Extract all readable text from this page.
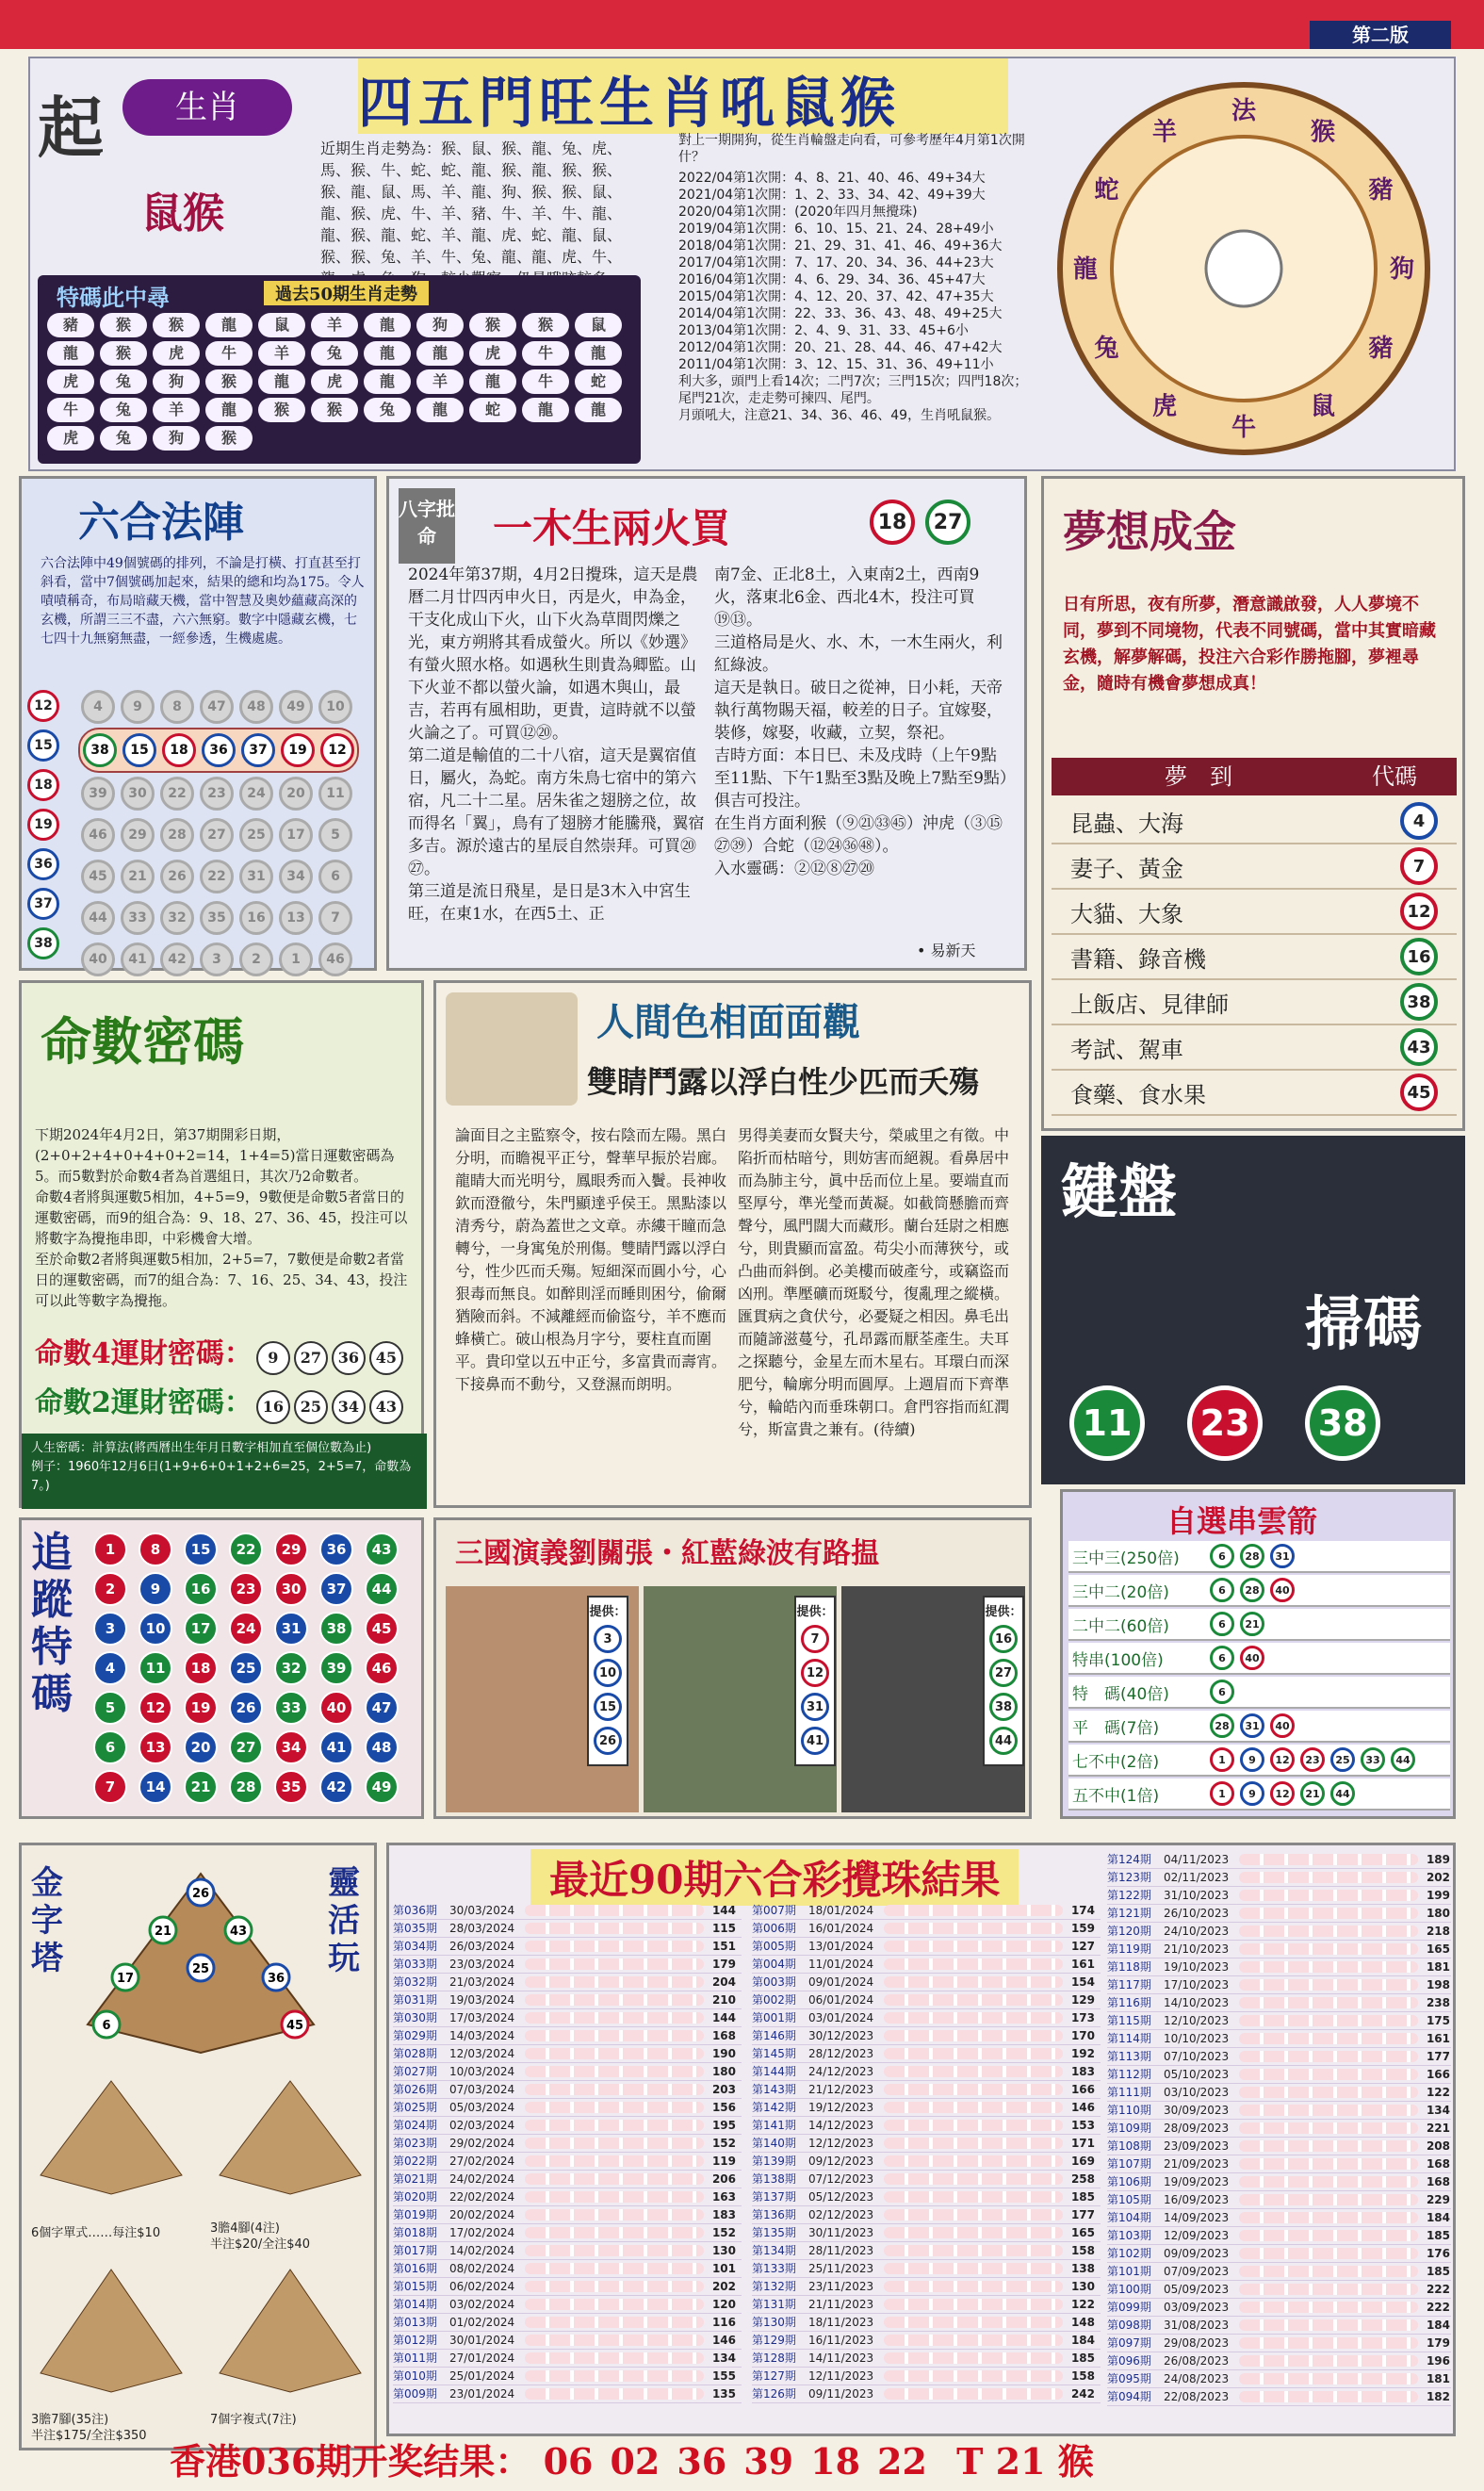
第二版
起	生肖
鼠猴
四五門旺生肖吼鼠猴
近期生肖走勢為：猴、鼠、猴、龍、兔、虎、馬、猴、牛、蛇、蛇、龍、猴、龍、猴、猴、猴、龍、鼠、馬、羊、龍、狗、猴、猴、鼠、龍、猴、虎、牛、羊、豬、牛、羊、牛、龍、龍、猴、龍、蛇、羊、龍、虎、蛇、龍、鼠、猴、猴、兔、羊、牛、兔、龍、龍、虎、牛、
對上一期開狗，從生肖輪盤走向看，可參考歷年4月第1次開什？
2022/04第1次開：4、8、21、40、46、49+34大
2021/04第1次開：1、2、33、34、42、49+39大
2020/04第1次開：(2020年四月無攪珠)
2019/04第1次開：6、10、15、21、24、28+49小
2018/04第1次開：21、29、31、41、46、49+36大
2017/04第1次開：7、17、20、34、36、44+23大
2016/04第1次開：4、6、29、34、36、45+47大
2015/04第1次開：4、12、20、37、42、47+35大
2014/04第1次開：22、33、36、43、48、49+25大
2013/04第1次開：2、4、9、31、33、45+6小
2012/04第1次開：20、21、28、44、46、47+42大
2011/04第1次開：3、12、15、31、36、49+11小
利大多，頭門上看14次；二門7次；三門15次；四門18次；尾門21次，走走勢可揀四、尾門。
月頭吼大，注意21、34、36、46、49，生肖吼鼠猴。
特碼此中尋	過去50期生肖走勢
豬	猴	猴	龍	鼠	羊	龍	狗	猴	猴	鼠
龍	猴	虎	牛	羊	兔	龍	龍	虎	牛	龍
虎	兔	狗	猴	龍	虎	龍	羊	龍	牛	蛇
牛	兔	羊	龍	猴	猴	兔	龍	蛇	龍	龍
虎	兔	狗	猴
法
猴
豬
狗
豬
鼠
牛
虎
兔
龍
蛇
羊
六合法陣
六合法陣中49個號碼的排列，不論是打橫、打直甚至打斜看，當中7個號碼加起來，結果的總和均為175。令人嘖嘖稱奇，布局暗藏天機，當中智慧及奧妙蘊藏高深的玄機，所謂三三不盡，六六無窮。數字中隱藏玄機，七七四十九無窮無盡，一經參透，生機處處。
12
15
18
19
36
37
38
4	9	8	47	48	49	10
38	15	18	36	37	19	12
39	30	22	23	24	20	11
46	29	28	27	25	17	5
45	21	26	22	31	34	6
44	33	32	35	16	13	7
40	41	42	3	2	1	46
八字批命	一木生兩火買	18 27
2024年第37期，4月2日攪珠，這天是農曆二月廿四丙申火日，丙是火，申為金，干支化成山下火，山下火為草間閃爍之光，東方朔將其看成螢火。所以《妙選》有螢火照水格。如遇秋生則貴為卿監。山下火並不都以螢火論，如遇木與山，最吉，若再有風相助，更貴，這時就不以螢火論之了。可買⑫⑳。
第二道是輸值的二十八宿，這天是翼宿值日，屬火，為蛇。南方朱鳥七宿中的第六宿，凡二十二星。居朱雀之翅膀之位，故而得名「翼」，鳥有了翅膀才能騰飛，翼宿多吉。源於遠古的星辰自然崇拜。可買⑳㉗。
第三道是流日飛星，是日是3木入中宮生旺，在東1水，在西5土、正
南7金、正北8土，入東南2土，西南9火，落東北6金、西北4木，投注可買⑲⑬。
三道格局是火、水、木，一木生兩火，利紅綠波。
這天是執日。破日之從神，日小耗，天帝執行萬物賜天福，較差的日子。宜嫁娶，裝修，嫁娶，收藏，立契，祭祀。
吉時方面：本日巳、未及戌時（上午9點至11點、下午1點至3點及晚上7點至9點）俱吉可投注。
在生肖方面利猴（⑨㉑㉝㊺）沖虎（③⑮㉗㊴）合蛇（⑫㉔㊱㊽）。
入水靈碼：②⑫⑧㉗⑳
• 易新天
夢想成金
日有所思，夜有所夢，潛意識啟發，人人夢境不同，夢到不同境物，代表不同號碼，當中其實暗藏玄機，解夢解碼，投注六合彩作勝拖腳，夢裡尋金，隨時有機會夢想成真！
夢　到	代碼
昆蟲、大海	4
妻子、黃金	7
大貓、大象	12
書籍、錄音機	16
上飯店、見律師	38
考試、駕車	43
食藥、食水果	45
命數密碼
下期2024年4月2日，第37期開彩日期，(2+0+2+4+0+4+0+2=14，1+4=5)當日運數密碼為5。而5數對於命數4者為首選組日，其次乃2命數者。
命數4者將與運數5相加，4+5=9，9數便是命數5者當日的運數密碼，而9的組合為：9、18、27、36、45，投注可以將數字為攪拖串即，中彩機會大增。
至於命數2者將與運數5相加，2+5=7，7數便是命數2者當日的運數密碼，而7的組合為：7、16、25、34、43，投注可以此等數字為攪拖。
命數4運財密碼： 9 27 36 45
命數2運財密碼： 16 25 34 43
人生密碼：計算法(將西曆出生年月日數字相加直至個位數為止)
例子：1960年12月6日(1+9+6+0+1+2+6=25，2+5=7，命數為7。)
人間色相面面觀
雙睛鬥露以浮白性少匹而夭殤
論面目之主監察令，按右陰而左陽。黑白分明，而瞻視平正兮，聲華早振於岩廊。龍睛大而光明兮，鳳眼秀而入鬢。長神收欽而澄徹兮，朱門顯達乎侯王。黑點漆以清秀兮，蔚為蓋世之文章。赤縷干瞳而急轉兮，一身寓兔於刑傷。雙睛鬥露以浮白兮，性少匹而夭殤。短細深而圓小兮，心狠毒而無良。如醉則淫而睡則困兮，偷爾猶險而斜。不減離經而偷盜兮，羊不應而蜂橫亡。破山根為月字兮，要柱直而圍平。貴印堂以五中正兮，多富貴而壽宵。下接鼻而不動兮，又登濕而朗明。
男得美妻而女賢夫兮，榮戚里之有徵。中陷折而枯暗兮，則妨害而絕親。看鼻居中而為肺主兮，眞中岳而位上星。要端直而堅厚兮，準光瑩而黃凝。如截筒懸膽而齊聲兮，風門闊大而藏形。蘭台廷尉之相應兮，則貴顯而富盈。苟尖小而薄狹兮，或凸曲而斜倒。必美樓而破產兮，或竊盜而凶刑。準壓礦而斑駁兮，復亂理之縱橫。匯貫病之貪伏兮，必憂疑之相因。鼻毛出而隨諦滋蔓兮，孔昂露而厭荃產生。夫耳之探聽兮，金星左而木星右。耳環白而深肥兮，輪廓分明而圓厚。上週眉而下齊準兮，輪皓內而垂珠朝口。倉門容指而紅潤兮，斯富貴之兼有。(待續)
鍵盤
掃碼
11 23 38
追蹤特碼
1	8	15	22	29	36	43
2	9	16	23	30	37	44
3	10	17	24	31	38	45
4	11	18	25	32	39	46
5	12	19	26	33	40	47
6	13	20	27	34	41	48
7	14	21	28	35	42	49
三國演義劉關張・紅藍綠波有路揾
提供：
3
10
15
26
提供：
7
12
31
41
提供：
16
27
38
44
自選串雲箭
三中三(250倍)	6	28	31
三中二(20倍)	6	28	40
二中二(60倍)	6	21
特串(100倍)	6	40
特　碼(40倍)	6
平　碼(7倍)	28	31	40
七不中(2倍)	1	9	12	23	25	33	44
五不中(1倍)	1	9	12	21	44
金字塔
靈活玩
26
21	43
17
25
36
6	45
6個字單式……每注$10	3膽4腳(4注)
半注$20/全注$40
3膽7腳(35注)	7個字複式(7注)
半注$175/全注$350
最近90期六合彩攪珠結果
第036期	30/03/2024	144
第035期	28/03/2024	115
第034期	26/03/2024	151
第033期	23/03/2024	179
第032期	21/03/2024	204
第031期	19/03/2024	210
第030期	17/03/2024	144
第029期	14/03/2024	168
第028期	12/03/2024	190
第027期	10/03/2024	180
第026期	07/03/2024	203
第025期	05/03/2024	156
第024期	02/03/2024	195
第023期	29/02/2024	152
第022期	27/02/2024	119
第021期	24/02/2024	206
第020期	22/02/2024	163
第019期	20/02/2024	183
第018期	17/02/2024	152
第017期	14/02/2024	130
第016期	08/02/2024	101
第015期	06/02/2024	202
第014期	03/02/2024	120
第013期	01/02/2024	116
第012期	30/01/2024	146
第011期	27/01/2024	134
第010期	25/01/2024	155
第009期	23/01/2024	135
第007期	18/01/2024	174
第006期	16/01/2024	159
第005期	13/01/2024	127
第004期	11/01/2024	161
第003期	09/01/2024	154
第002期	06/01/2024	129
第001期	03/01/2024	173
第146期	30/12/2023	170
第145期	28/12/2023	192
第144期	24/12/2023	183
第143期	21/12/2023	166
第142期	19/12/2023	146
第141期	14/12/2023	153
第140期	12/12/2023	171
第139期	09/12/2023	169
第138期	07/12/2023	258
第137期	05/12/2023	185
第136期	02/12/2023	177
第135期	30/11/2023	165
第134期	28/11/2023	158
第133期	25/11/2023	138
第132期	23/11/2023	130
第131期	21/11/2023	122
第130期	18/11/2023	148
第129期	16/11/2023	184
第128期	14/11/2023	185
第127期	12/11/2023	158
第126期	09/11/2023	242
第124期	04/11/2023	189
第123期	02/11/2023	202
第122期	31/10/2023	199
第121期	26/10/2023	180
第120期	24/10/2023	218
第119期	21/10/2023	165
第118期	19/10/2023	181
第117期	17/10/2023	198
第116期	14/10/2023	238
第115期	12/10/2023	175
第114期	10/10/2023	161
第113期	07/10/2023	177
第112期	05/10/2023	166
第111期	03/10/2023	122
第110期	30/09/2023	134
第109期	28/09/2023	221
第108期	23/09/2023	208
第107期	21/09/2023	168
第106期	19/09/2023	168
第105期	16/09/2023	229
第104期	14/09/2023	184
第103期	12/09/2023	185
第102期	09/09/2023	176
第101期	07/09/2023	185
第100期	05/09/2023	222
第099期	03/09/2023	222
第098期	31/08/2023	184
第097期	29/08/2023	179
第096期	26/08/2023	196
第095期	24/08/2023	181
第094期	22/08/2023	182
香港036期开奖结果： 06 02 36 39 18 22 T 21 猴
